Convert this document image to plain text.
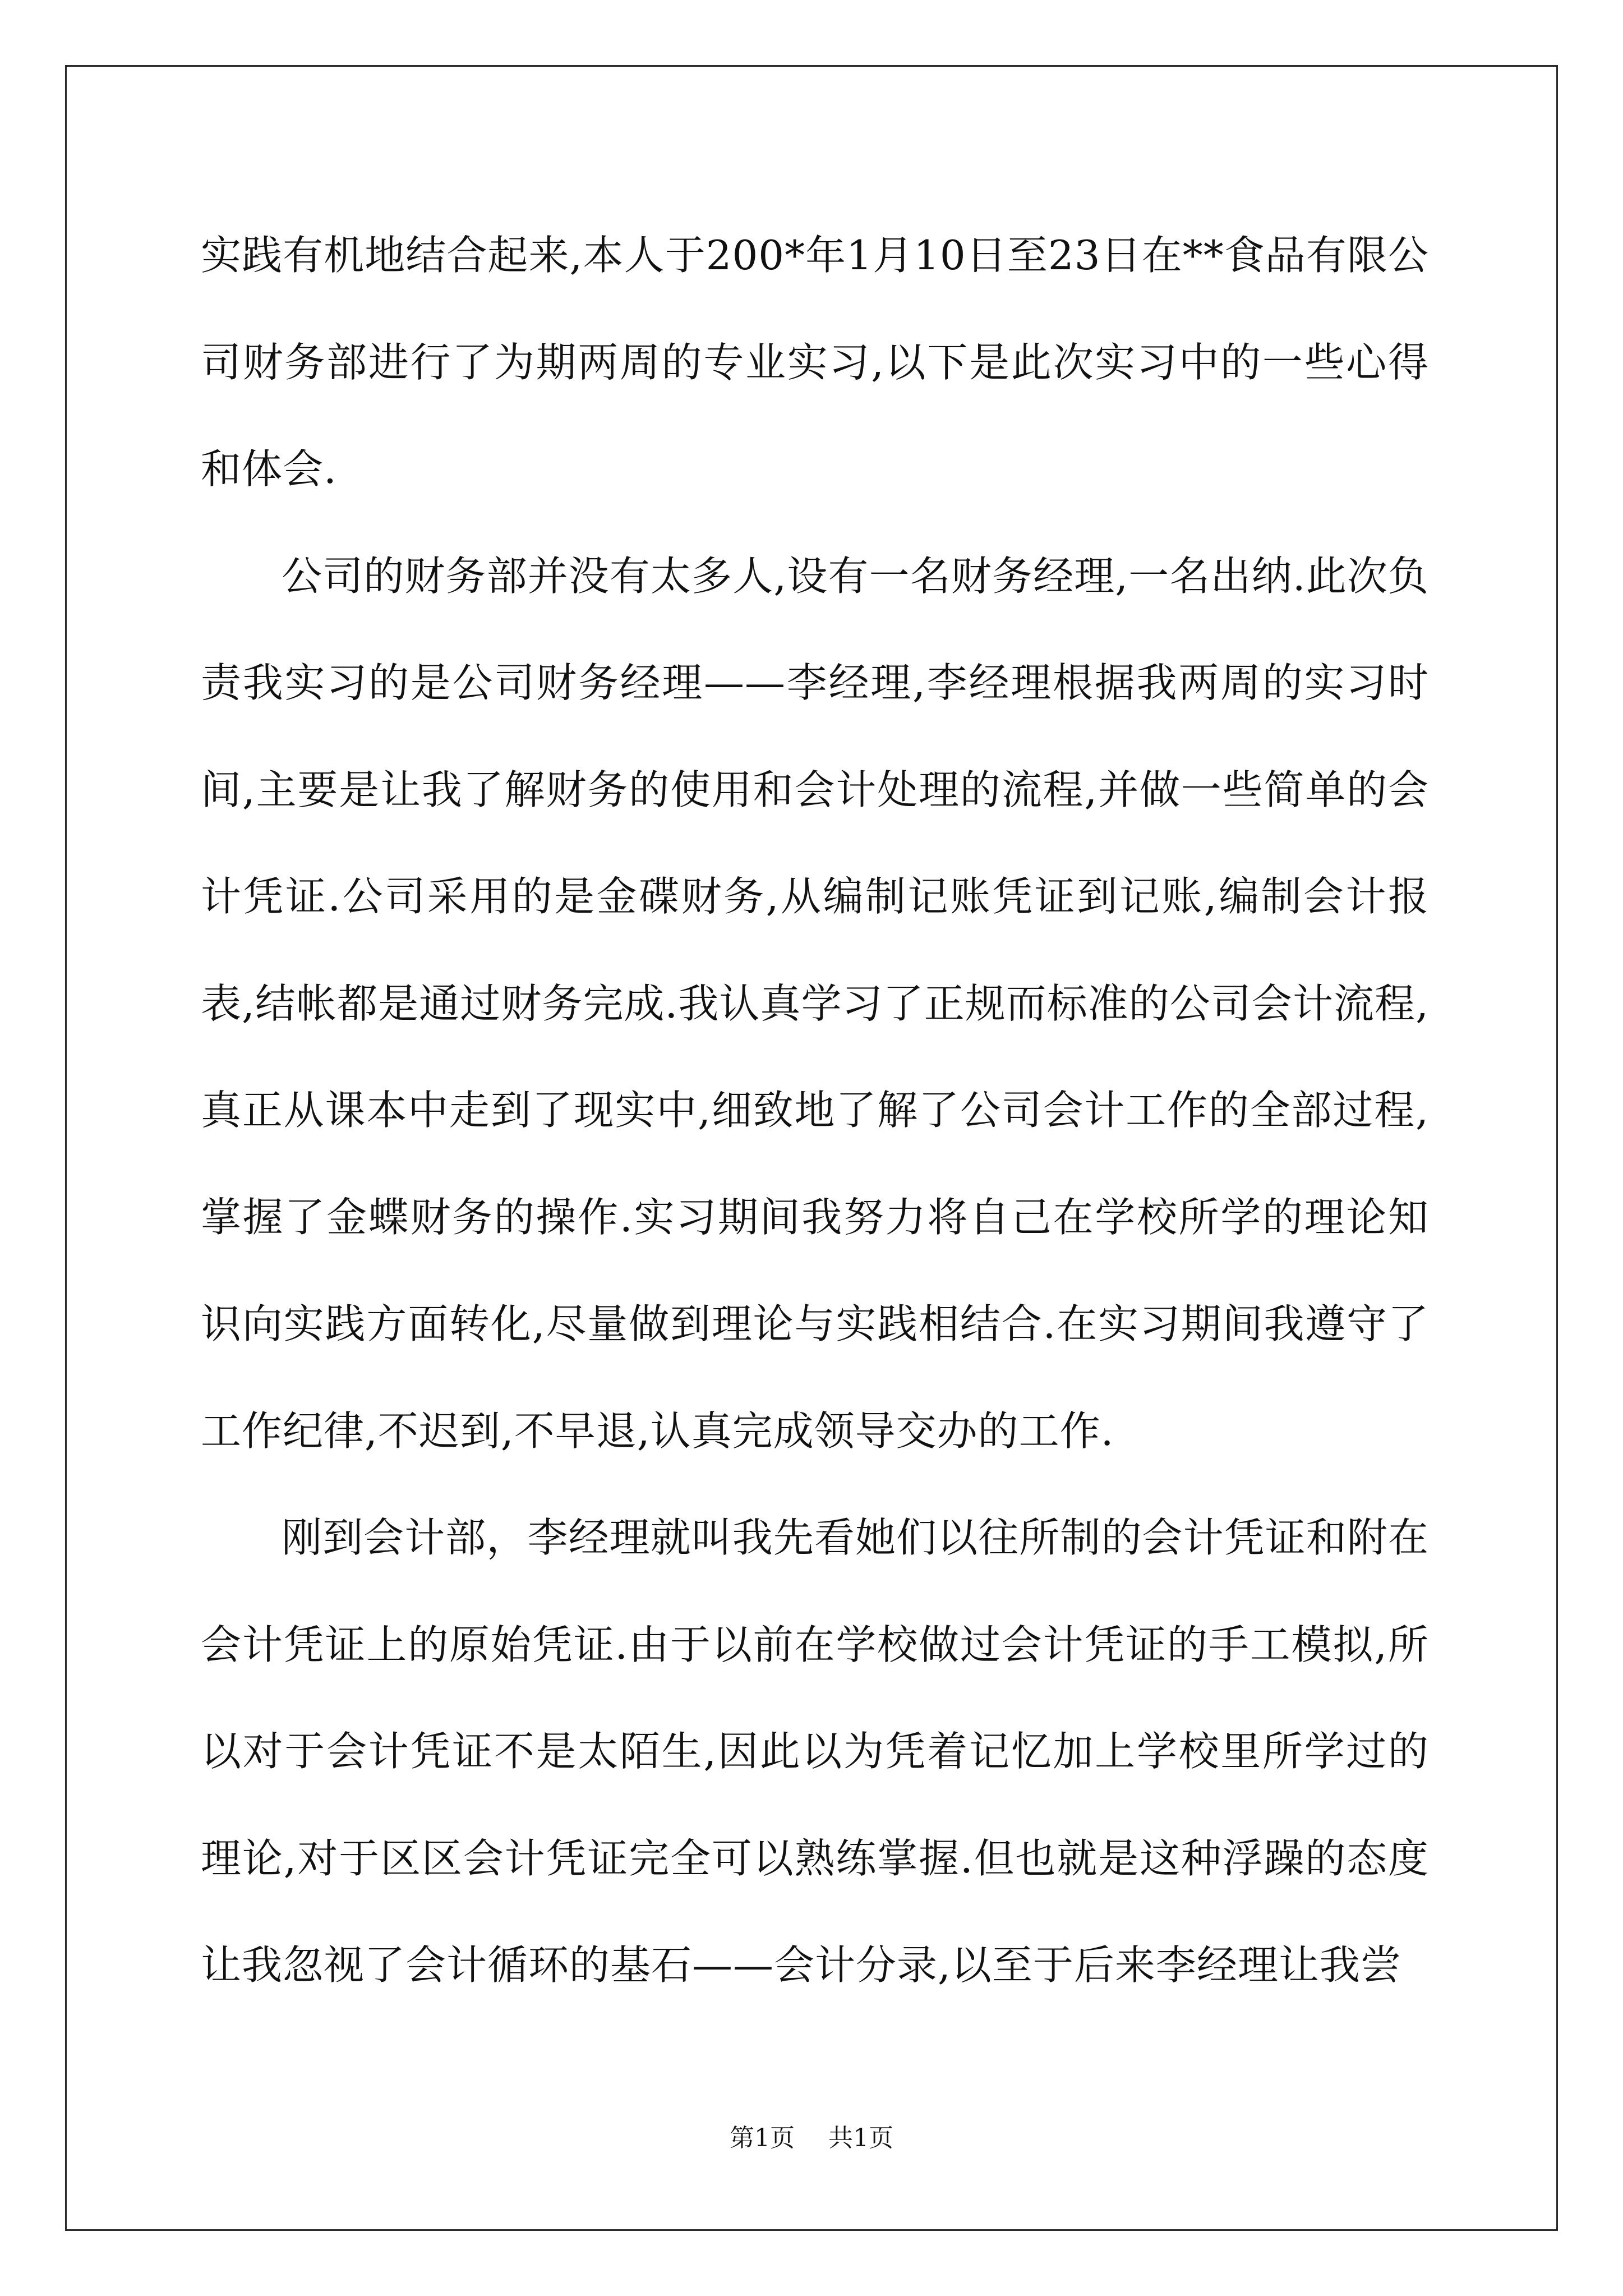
实践有机地结合起来,本人于200*年1月10日至23日在**食品有限公司财务部进行了为期两周的专业实习,以下是此次实习中的一些心得和体会.

公司的财务部并没有太多人,设有一名财务经理,一名出纳.此次负责我实习的是公司财务经理——李经理,李经理根据我两周的实习时间,主要是让我了解财务的使用和会计处理的流程,并做一些简单的会计凭证.公司采用的是金碟财务,从编制记账凭证到记账,编制会计报表,结帐都是通过财务完成.我认真学习了正规而标准的公司会计流程,真正从课本中走到了现实中,细致地了解了公司会计工作的全部过程,掌握了金蝶财务的操作.实习期间我努力将自己在学校所学的理论知识向实践方面转化,尽量做到理论与实践相结合.在实习期间我遵守了工作纪律,不迟到,不早退,认真完成领导交办的工作.

刚到会计部，李经理就叫我先看她们以往所制的会计凭证和附在会计凭证上的原始凭证.由于以前在学校做过会计凭证的手工模拟,所以对于会计凭证不是太陌生,因此以为凭着记忆加上学校里所学过的理论,对于区区会计凭证完全可以熟练掌握.但也就是这种浮躁的态度让我忽视了会计循环的基石——会计分录,以至于后来李经理让我尝

第1页 共1页
